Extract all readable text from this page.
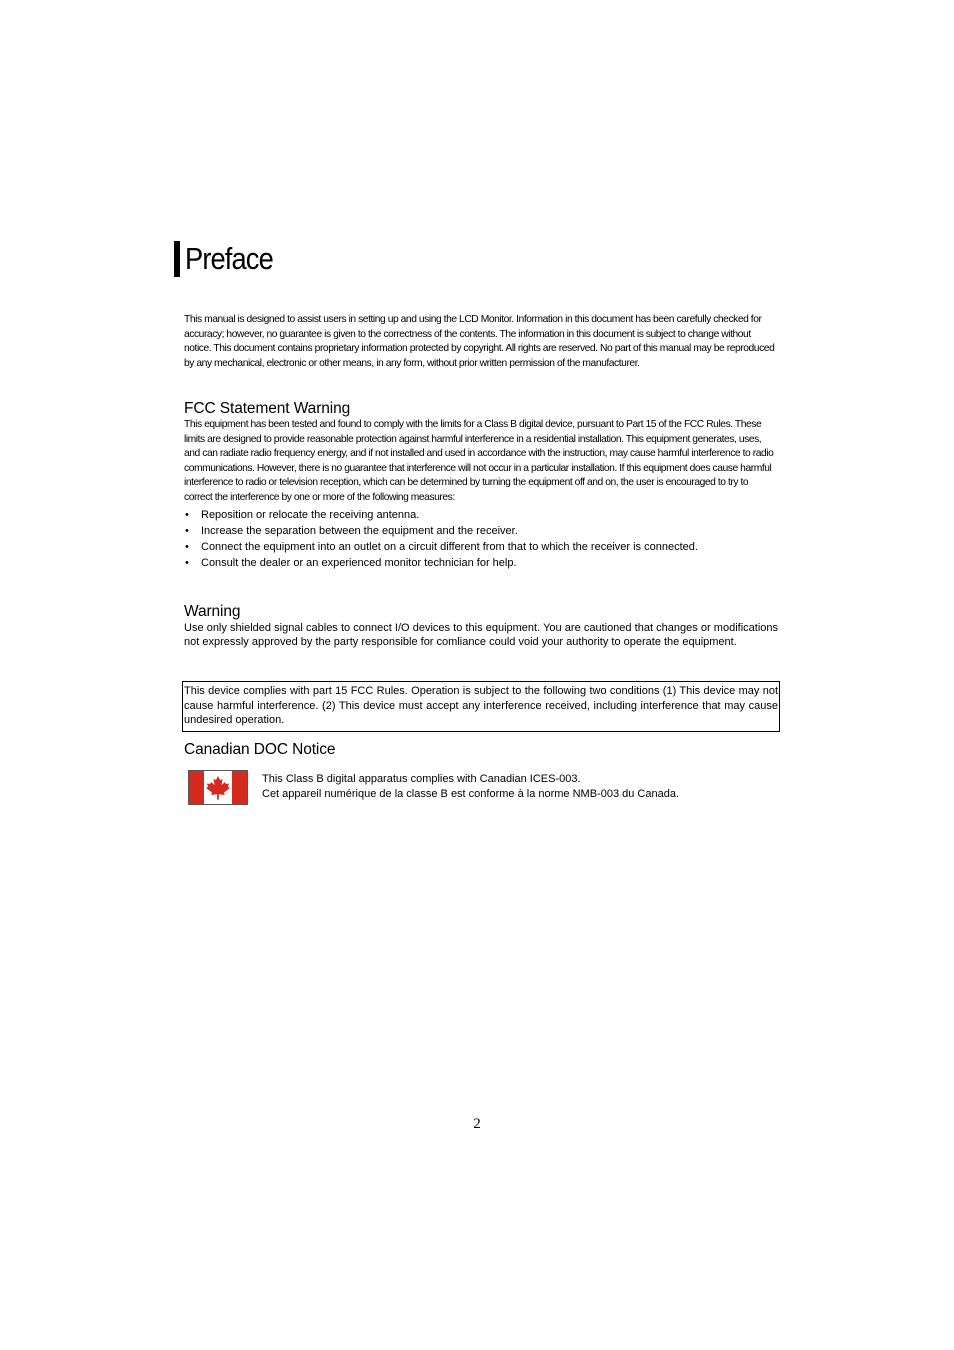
Preface
This manual is designed to assist users in setting up and using the LCD Monitor. Information in this document has been carefully checked for accuracy; however, no guarantee is given to the correctness of the contents. The information in this document is subject to change without notice. This document contains proprietary information protected by copyright. All rights are reserved. No part of this manual may be reproduced by any mechanical, electronic or other means, in any form, without prior written permission of the manufacturer.
FCC Statement Warning
This equipment has been tested and found to comply with the limits for a Class B digital device, pursuant to Part 15 of the FCC Rules. These limits are designed to provide reasonable protection against harmful interference in a residential installation. This equipment generates, uses, and can radiate radio frequency energy, and if not installed and used in accordance with the instruction, may cause harmful interference to radio communications. However, there is no guarantee that interference will not occur in a particular installation. If this equipment does cause harmful interference to radio or television reception, which can be determined by turning the equipment off and on, the user is encouraged to try to correct the interference by one or more of the following measures:
• Reposition or relocate the receiving antenna.
• Increase the separation between the equipment and the receiver.
• Connect the equipment into an outlet on a circuit different from that to which the receiver is connected.
• Consult the dealer or an experienced monitor technician for help.
Warning
Use only shielded signal cables to connect I/O devices to this equipment. You are cautioned that changes or modifications not expressly approved by the party responsible for comliance could void your authority to operate the equipment.
This device complies with part 15 FCC Rules. Operation is subject to the following two conditions (1) This device may not cause harmful interference. (2) This device must accept any interference received, including interference that may cause undesired operation.
Canadian DOC Notice
This Class B digital apparatus complies with Canadian ICES-003.
Cet appareil numérique de la classe B est conforme à la norme NMB-003 du Canada.
2
